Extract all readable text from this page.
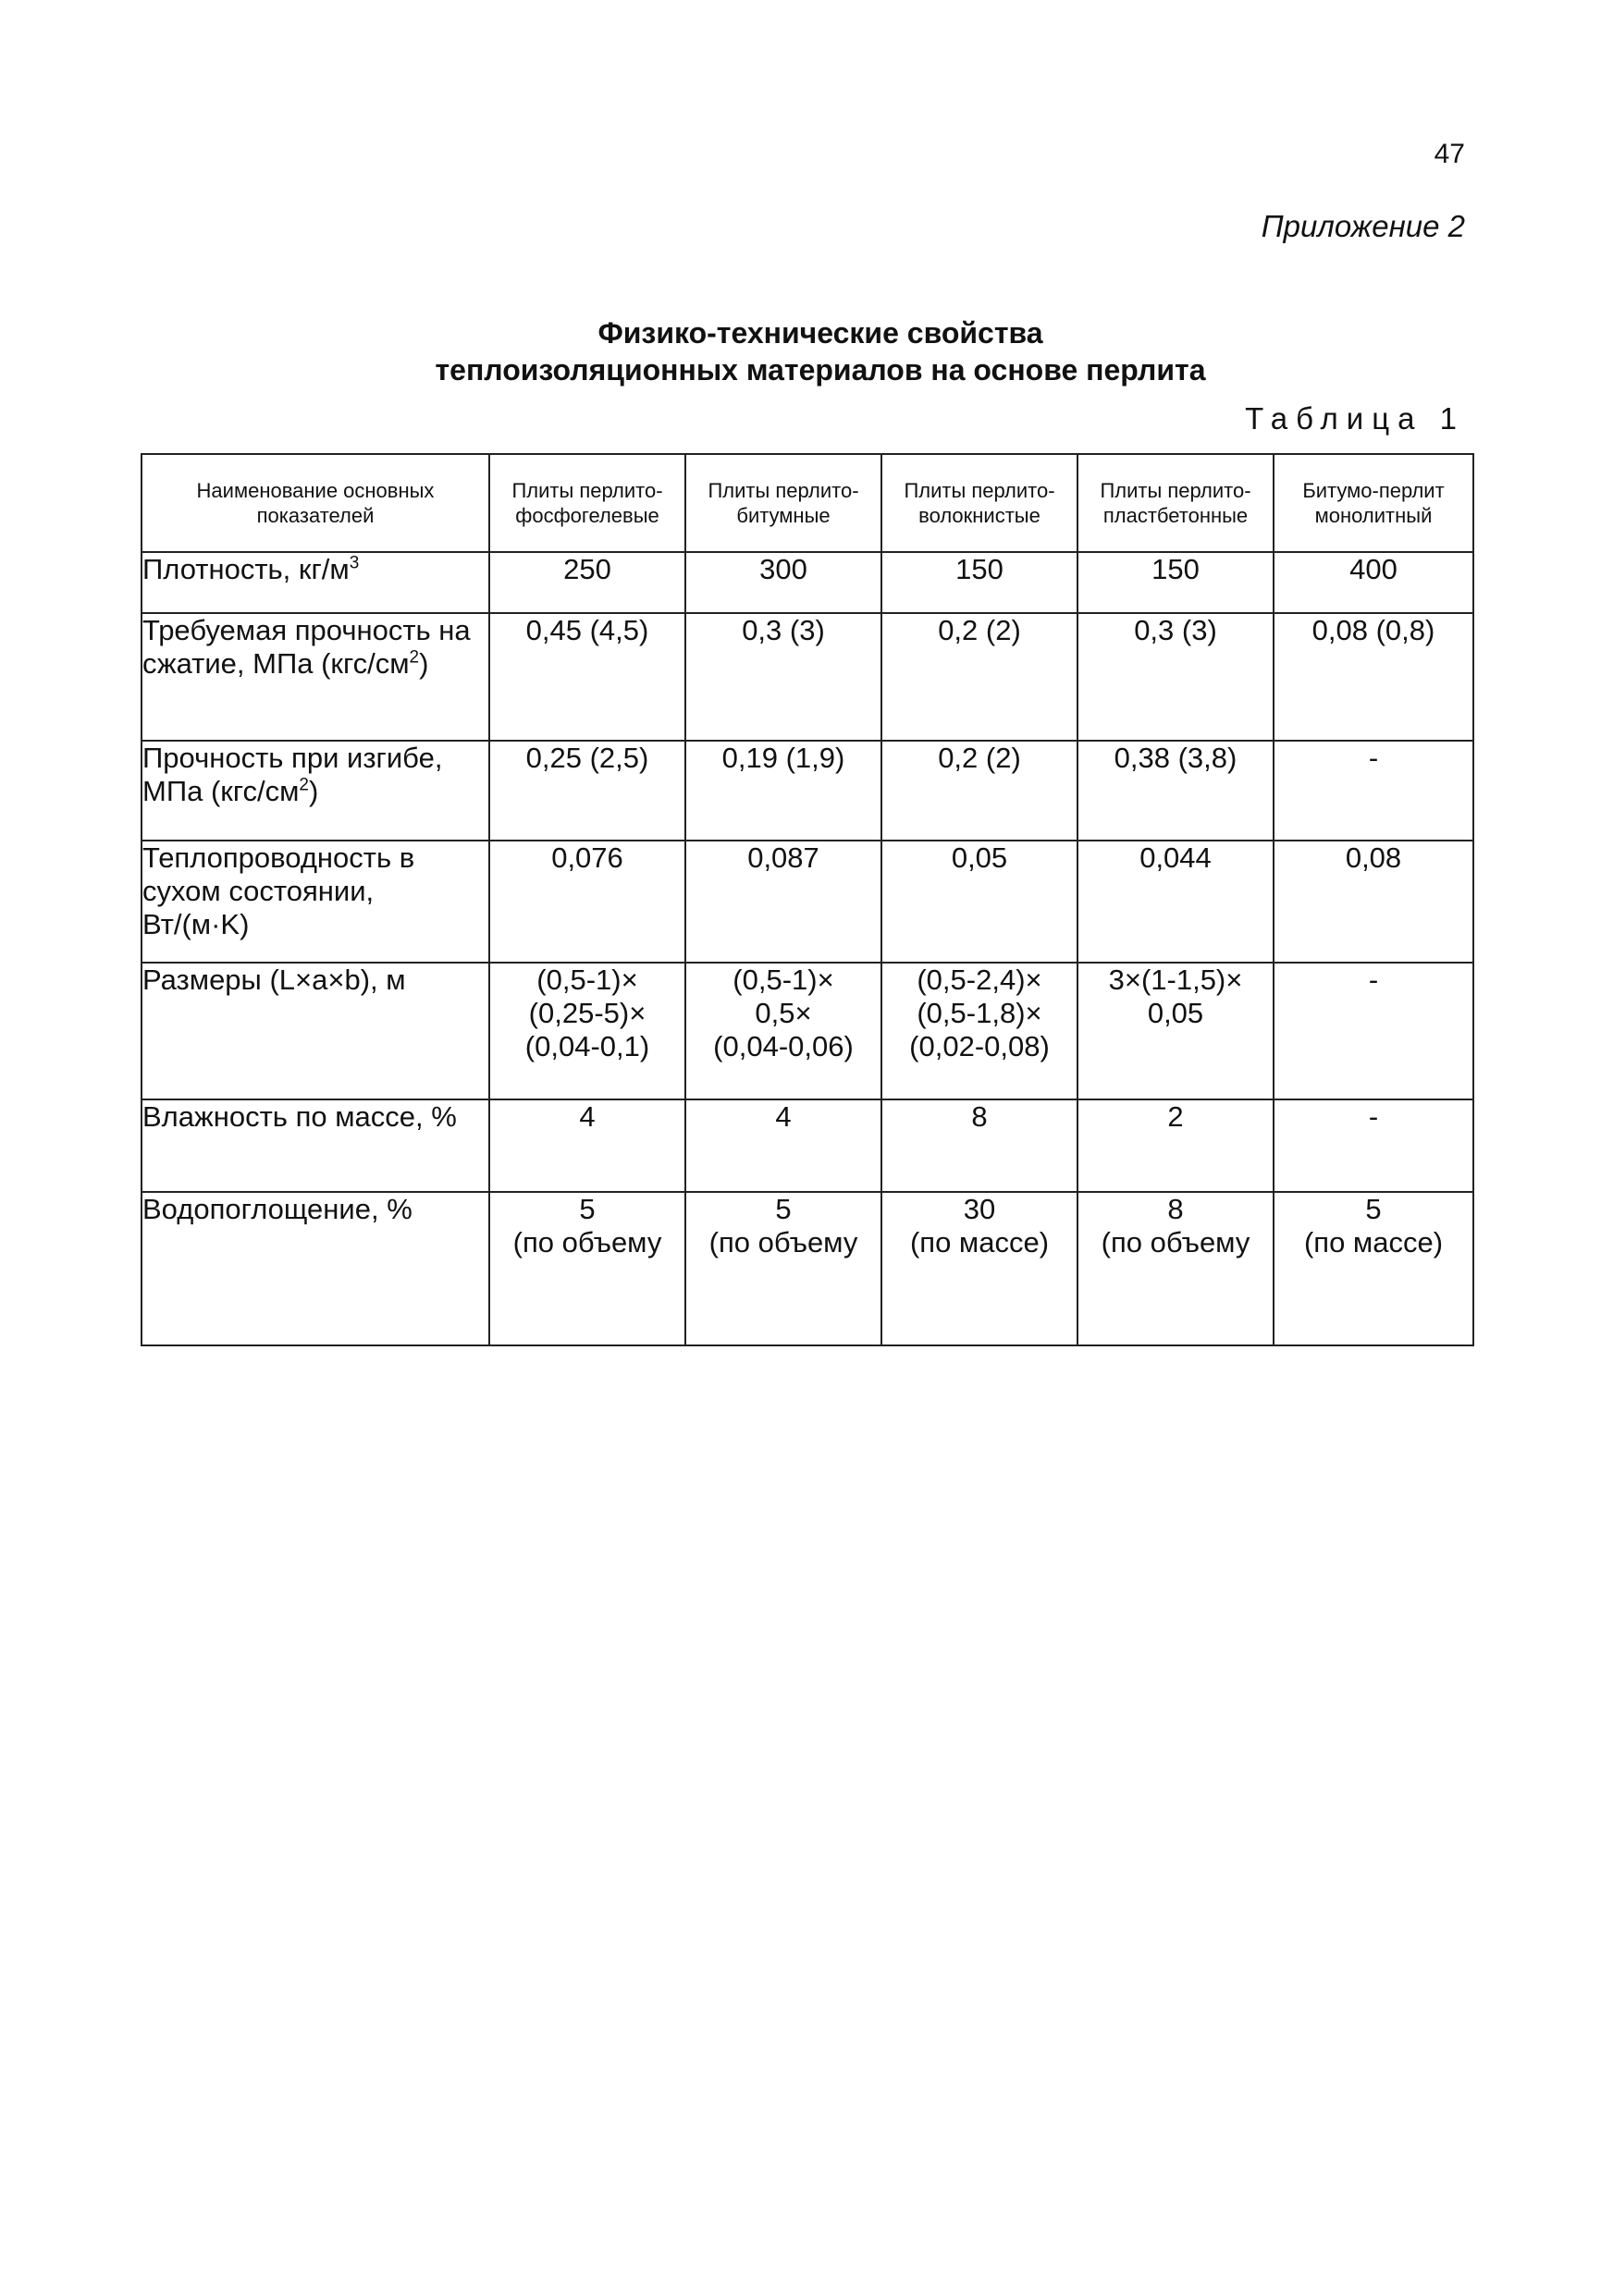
47
Приложение 2
Физико-технические свойства
теплоизоляционных материалов на основе перлита
Таблица 1
Наименование основных показателей	Плиты перлито-фосфогелевые	Плиты перлито-битумные	Плиты перлито-волокнистые	Плиты перлито-пластбетонные	Битумо-перлит монолитный
Плотность, $кг/м^3$	250	300	150	150	400
Требуемая прочность на сжатие, МПа $(кгс/см^2)$	0,45 (4,5)	0,3 (3)	0,2 (2)	0,3 (3)	0,08 (0,8)
Прочность при изгибе, МПа $(кгс/см^2)$	0,25 (2,5)	0,19 (1,9)	0,2 (2)	0,38 (3,8)	-
Теплопроводность в сухом состоянии, Вт/(м·K)	0,076	0,087	0,05	0,044	0,08
Размеры (L×a×b), м	(0,5-1)×
(0,25-5)×
(0,04-0,1)	(0,5-1)×
0,5×
(0,04-0,06)	(0,5-2,4)×
(0,5-1,8)×
(0,02-0,08)	3×(1-1,5)×
0,05	-
Влажность по массе, %	4	4	8	2	-
Водопоглощение, %	5
(по объему	5
(по объему	30
(по массе)	8
(по объему	5
(по массе)
